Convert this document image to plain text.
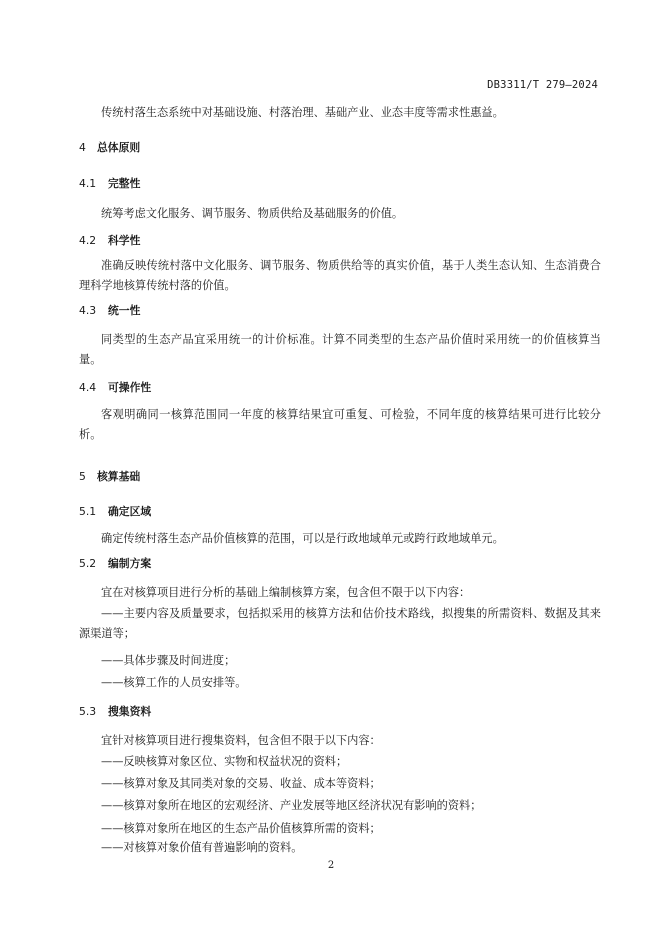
DB3311/T 279—2024
传统村落生态系统中对基础设施、村落治理、基础产业、业态丰度等需求性惠益。
4 总体原则
4.1 完整性
统筹考虑文化服务、调节服务、物质供给及基础服务的价值。
4.2 科学性
准确反映传统村落中文化服务、调节服务、物质供给等的真实价值，基于人类生态认知、生态消费合理科学地核算传统村落的价值。
4.3 统一性
同类型的生态产品宜采用统一的计价标准。计算不同类型的生态产品价值时采用统一的价值核算当量。
4.4 可操作性
客观明确同一核算范围同一年度的核算结果宜可重复、可检验，不同年度的核算结果可进行比较分析。
5 核算基础
5.1 确定区域
确定传统村落生态产品价值核算的范围，可以是行政地域单元或跨行政地域单元。
5.2 编制方案
宜在对核算项目进行分析的基础上编制核算方案，包含但不限于以下内容：
——主要内容及质量要求，包括拟采用的核算方法和估价技术路线，拟搜集的所需资料、数据及其来源渠道等；
——具体步骤及时间进度；
——核算工作的人员安排等。
5.3 搜集资料
宜针对核算项目进行搜集资料，包含但不限于以下内容：
——反映核算对象区位、实物和权益状况的资料；
——核算对象及其同类对象的交易、收益、成本等资料；
——核算对象所在地区的宏观经济、产业发展等地区经济状况有影响的资料；
——核算对象所在地区的生态产品价值核算所需的资料；
——对核算对象价值有普遍影响的资料。
2
